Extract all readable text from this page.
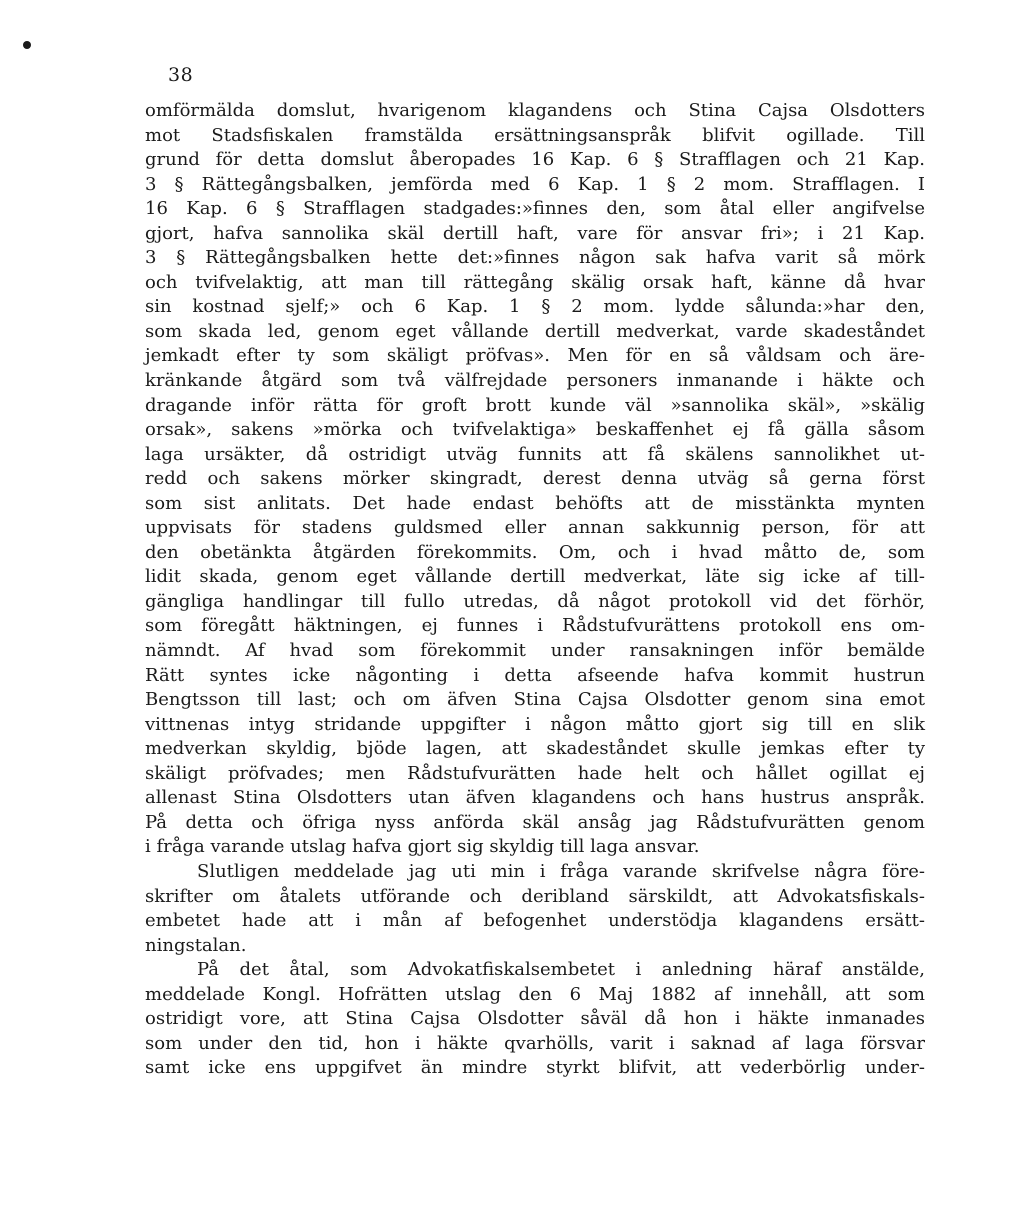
38
omförmälda domslut, hvarigenom klagandens och Stina Cajsa Olsdotters
mot Stadsfiskalen framstälda ersättningsanspråk blifvit ogillade. Till
grund för detta domslut åberopades 16 Kap. 6 § Strafflagen och 21 Kap.
3 § Rättegångsbalken, jemförda med 6 Kap. 1 § 2 mom. Strafflagen. I
16 Kap. 6 § Strafflagen stadgades:»finnes den, som åtal eller angifvelse
gjort, hafva sannolika skäl dertill haft, vare för ansvar fri»; i 21 Kap.
3 § Rättegångsbalken hette det:»finnes någon sak hafva varit så mörk
och tvifvelaktig, att man till rättegång skälig orsak haft, känne då hvar
sin kostnad sjelf;» och 6 Kap. 1 § 2 mom. lydde sålunda:»har den,
som skada led, genom eget vållande dertill medverkat, varde skadeståndet
jemkadt efter ty som skäligt pröfvas». Men för en så våldsam och äre-
kränkande åtgärd som två välfrejdade personers inmanande i häkte och
dragande inför rätta för groft brott kunde väl »sannolika skäl», »skälig
orsak», sakens »mörka och tvifvelaktiga» beskaffenhet ej få gälla såsom
laga ursäkter, då ostridigt utväg funnits att få skälens sannolikhet ut-
redd och sakens mörker skingradt, derest denna utväg så gerna först
som sist anlitats. Det hade endast behöfts att de misstänkta mynten
uppvisats för stadens guldsmed eller annan sakkunnig person, för att
den obetänkta åtgärden förekommits. Om, och i hvad måtto de, som
lidit skada, genom eget vållande dertill medverkat, läte sig icke af till-
gängliga handlingar till fullo utredas, då något protokoll vid det förhör,
som föregått häktningen, ej funnes i Rådstufvurättens protokoll ens om-
nämndt. Af hvad som förekommit under ransakningen inför bemälde
Rätt syntes icke någonting i detta afseende hafva kommit hustrun
Bengtsson till last; och om äfven Stina Cajsa Olsdotter genom sina emot
vittnenas intyg stridande uppgifter i någon måtto gjort sig till en slik
medverkan skyldig, bjöde lagen, att skadeståndet skulle jemkas efter ty
skäligt pröfvades; men Rådstufvurätten hade helt och hållet ogillat ej
allenast Stina Olsdotters utan äfven klagandens och hans hustrus anspråk.
På detta och öfriga nyss anförda skäl ansåg jag Rådstufvurätten genom
i fråga varande utslag hafva gjort sig skyldig till laga ansvar.
Slutligen meddelade jag uti min i fråga varande skrifvelse några före-
skrifter om åtalets utförande och deribland särskildt, att Advokatsfiskals-
embetet hade att i mån af befogenhet understödja klagandens ersätt-
ningstalan.
På det åtal, som Advokatfiskalsembetet i anledning häraf anstälde,
meddelade Kongl. Hofrätten utslag den 6 Maj 1882 af innehåll, att som
ostridigt vore, att Stina Cajsa Olsdotter såväl då hon i häkte inmanades
som under den tid, hon i häkte qvarhölls, varit i saknad af laga försvar
samt icke ens uppgifvet än mindre styrkt blifvit, att vederbörlig under-
